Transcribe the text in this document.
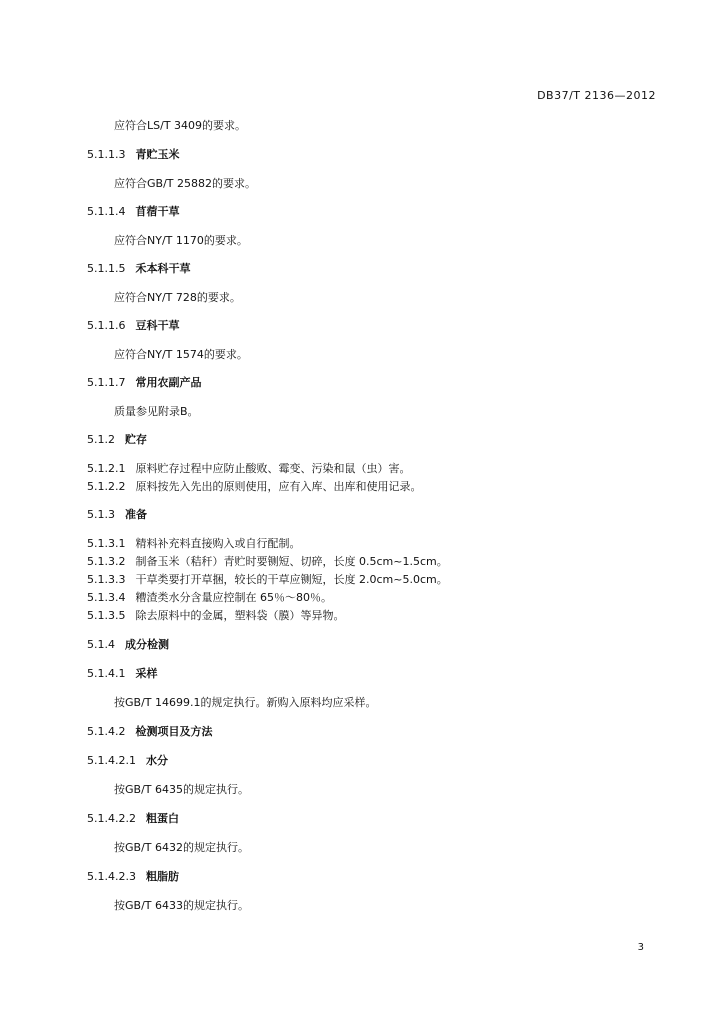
DB37/T 2136—2012
应符合LS/T 3409的要求。
5.1.1.3 青贮玉米
应符合GB/T 25882的要求。
5.1.1.4 苜蓿干草
应符合NY/T 1170的要求。
5.1.1.5 禾本科干草
应符合NY/T 728的要求。
5.1.1.6 豆科干草
应符合NY/T 1574的要求。
5.1.1.7 常用农副产品
质量参见附录B。
5.1.2 贮存
5.1.2.1 原料贮存过程中应防止酸败、霉变、污染和鼠（虫）害。
5.1.2.2 原料按先入先出的原则使用，应有入库、出库和使用记录。
5.1.3 准备
5.1.3.1 精料补充料直接购入或自行配制。
5.1.3.2 制备玉米（秸秆）青贮时要铡短、切碎，长度 0.5cm~1.5cm。
5.1.3.3 干草类要打开草捆，较长的干草应铡短，长度 2.0cm~5.0cm。
5.1.3.4 糟渣类水分含量应控制在 65％～80％。
5.1.3.5 除去原料中的金属，塑料袋（膜）等异物。
5.1.4 成分检测
5.1.4.1 采样
按GB/T 14699.1的规定执行。新购入原料均应采样。
5.1.4.2 检测项目及方法
5.1.4.2.1 水分
按GB/T 6435的规定执行。
5.1.4.2.2 粗蛋白
按GB/T 6432的规定执行。
5.1.4.2.3 粗脂肪
按GB/T 6433的规定执行。
3
